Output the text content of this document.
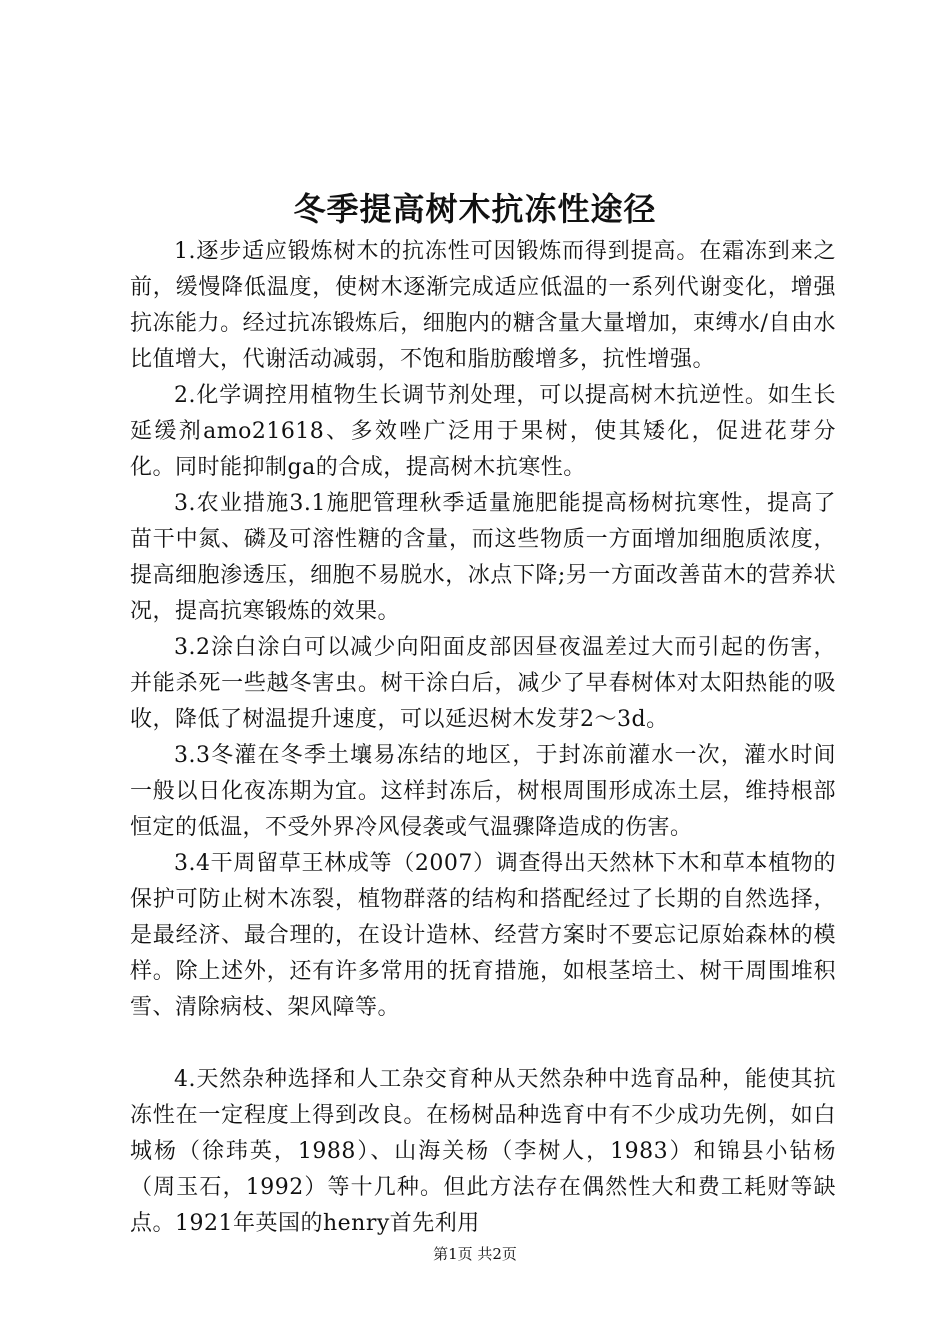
冬季提高树木抗冻性途径

1.逐步适应锻炼树木的抗冻性可因锻炼而得到提高。在霜冻到来之前，缓慢降低温度，使树木逐渐完成适应低温的一系列代谢变化，增强抗冻能力。经过抗冻锻炼后，细胞内的糖含量大量增加，束缚水/自由水比值增大，代谢活动减弱，不饱和脂肪酸增多，抗性增强。

2.化学调控用植物生长调节剂处理，可以提高树木抗逆性。如生长延缓剂amo21618、多效唑广泛用于果树，使其矮化，促进花芽分化。同时能抑制ga的合成，提高树木抗寒性。

3.农业措施3.1施肥管理秋季适量施肥能提高杨树抗寒性，提高了苗干中氮、磷及可溶性糖的含量，而这些物质一方面增加细胞质浓度，提高细胞渗透压，细胞不易脱水，冰点下降;另一方面改善苗木的营养状况，提高抗寒锻炼的效果。

3.2涂白涂白可以减少向阳面皮部因昼夜温差过大而引起的伤害，并能杀死一些越冬害虫。树干涂白后，减少了早春树体对太阳热能的吸收，降低了树温提升速度，可以延迟树木发芽2～3d。

3.3冬灌在冬季土壤易冻结的地区，于封冻前灌水一次，灌水时间一般以日化夜冻期为宜。这样封冻后，树根周围形成冻土层，维持根部恒定的低温，不受外界冷风侵袭或气温骤降造成的伤害。

3.4干周留草王林成等（2007）调查得出天然林下木和草本植物的保护可防止树木冻裂，植物群落的结构和搭配经过了长期的自然选择，是最经济、最合理的，在设计造林、经营方案时不要忘记原始森林的模样。除上述外，还有许多常用的抚育措施，如根茎培土、树干周围堆积雪、清除病枝、架风障等。

4.天然杂种选择和人工杂交育种从天然杂种中选育品种，能使其抗冻性在一定程度上得到改良。在杨树品种选育中有不少成功先例，如白城杨（徐玮英，1988）、山海关杨（李树人，1983）和锦县小钻杨（周玉石，1992）等十几种。但此方法存在偶然性大和费工耗财等缺点。1921年英国的henry首先利用

第1页 共2页
